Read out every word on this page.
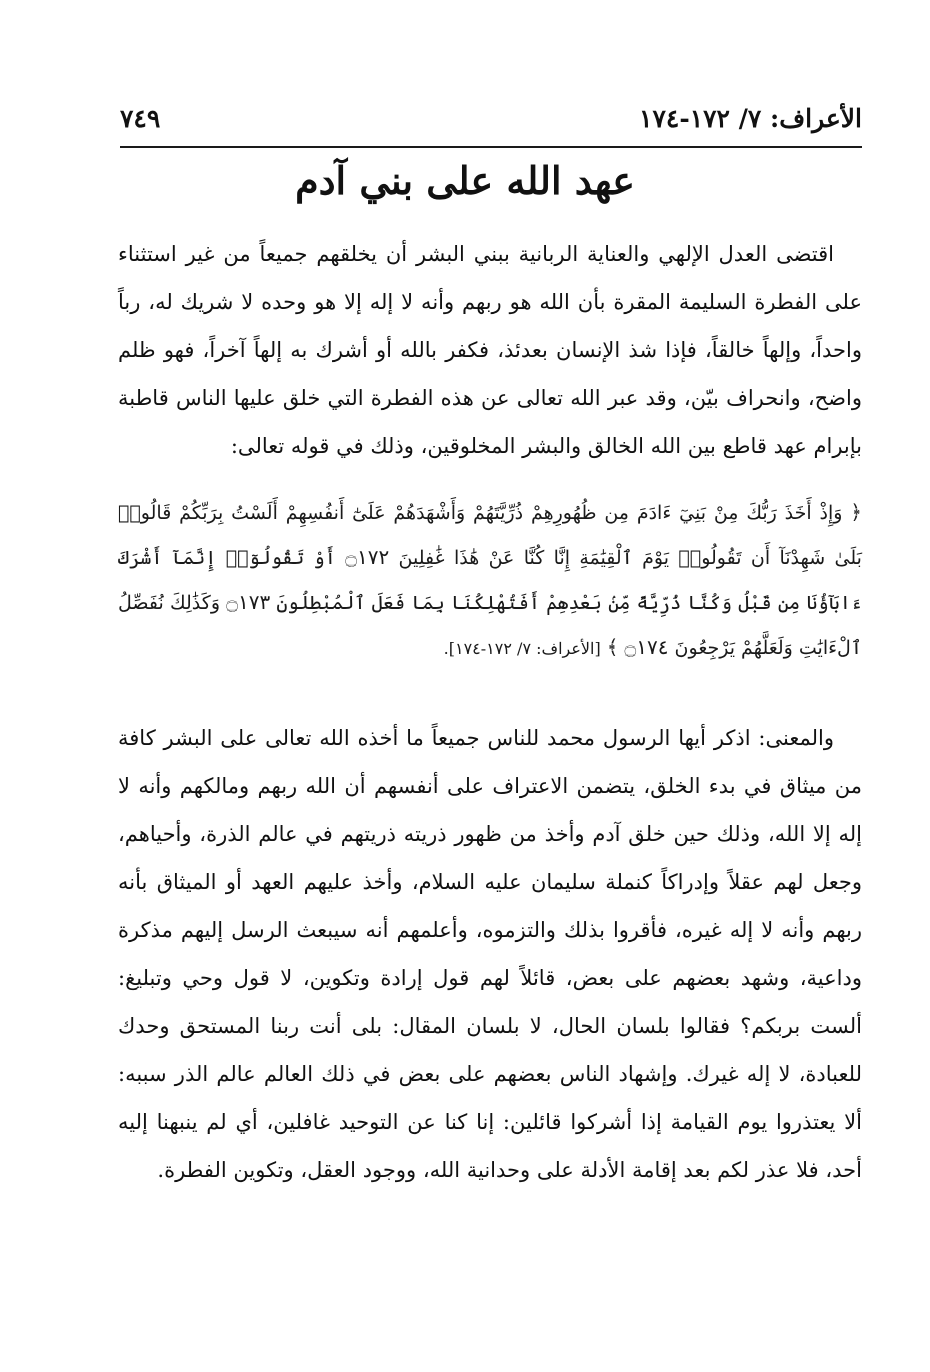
الأعراف: ٧/ ١٧٢-١٧٤
٧٤٩
عهد الله على بني آدم

اقتضى العدل الإلهي والعناية الربانية ببني البشر أن يخلقهم جميعاً من غير استثناء على الفطرة السليمة المقرة بأن الله هو ربهم وأنه لا إله إلا هو وحده لا شريك له، رباً واحداً، وإلهاً خالقاً، فإذا شذ الإنسان بعدئذ، فكفر بالله أو أشرك به إلهاً آخراً، فهو ظلم واضح، وانحراف بيّن، وقد عبر الله تعالى عن هذه الفطرة التي خلق عليها الناس قاطبة بإبرام عهد قاطع بين الله الخالق والبشر المخلوقين، وذلك في قوله تعالى:

﴿ وَإِذْ أَخَذَ رَبُّكَ مِنْ بَنِيٓ ءَادَمَ مِن ظُهُورِهِمْ ذُرِّيَّتَهُمْ وَأَشْهَدَهُمْ عَلَىٰٓ أَنفُسِهِمْ أَلَسْتُ بِرَبِّكُمْ قَالُوا۟ بَلَىٰ شَهِدْنَآ أَن تَقُولُوا۟ يَوْمَ ٱلْقِيَٰمَةِ إِنَّا كُنَّا عَنْ هَٰذَا غَٰفِلِينَ ۝١٧٢ أَوْ تَقُولُوٓا۟ إِنَّمَآ أَشْرَكَ ءَابَآؤُنَا مِن قَبْلُ وَكُنَّا ذُرِّيَّةً مِّنۢ بَعْدِهِمْ أَفَتُهْلِكُنَا بِمَا فَعَلَ ٱلْمُبْطِلُونَ ۝١٧٣ وَكَذَٰلِكَ نُفَصِّلُ ٱلْءَايَٰتِ وَلَعَلَّهُمْ يَرْجِعُونَ ۝١٧٤ ﴾ [الأعراف: ٧/ ١٧٢-١٧٤].

والمعنى: اذكر أيها الرسول محمد للناس جميعاً ما أخذه الله تعالى على البشر كافة من ميثاق في بدء الخلق، يتضمن الاعتراف على أنفسهم أن الله ربهم ومالكهم وأنه لا إله إلا الله، وذلك حين خلق آدم وأخذ من ظهور ذريته ذريتهم في عالم الذرة، وأحياهم، وجعل لهم عقلاً وإدراكاً كنملة سليمان عليه السلام، وأخذ عليهم العهد أو الميثاق بأنه ربهم وأنه لا إله غيره، فأقروا بذلك والتزموه، وأعلمهم أنه سيبعث الرسل إليهم مذكرة وداعية، وشهد بعضهم على بعض، قائلاً لهم قول إرادة وتكوين، لا قول وحي وتبليغ: ألست بربكم؟ فقالوا بلسان الحال، لا بلسان المقال: بلى أنت ربنا المستحق وحدك للعبادة، لا إله غيرك. وإشهاد الناس بعضهم على بعض في ذلك العالم عالم الذر سببه: ألا يعتذروا يوم القيامة إذا أشركوا قائلين: إنا كنا عن التوحيد غافلين، أي لم ينبهنا إليه أحد، فلا عذر لكم بعد إقامة الأدلة على وحدانية الله، ووجود العقل، وتكوين الفطرة.
